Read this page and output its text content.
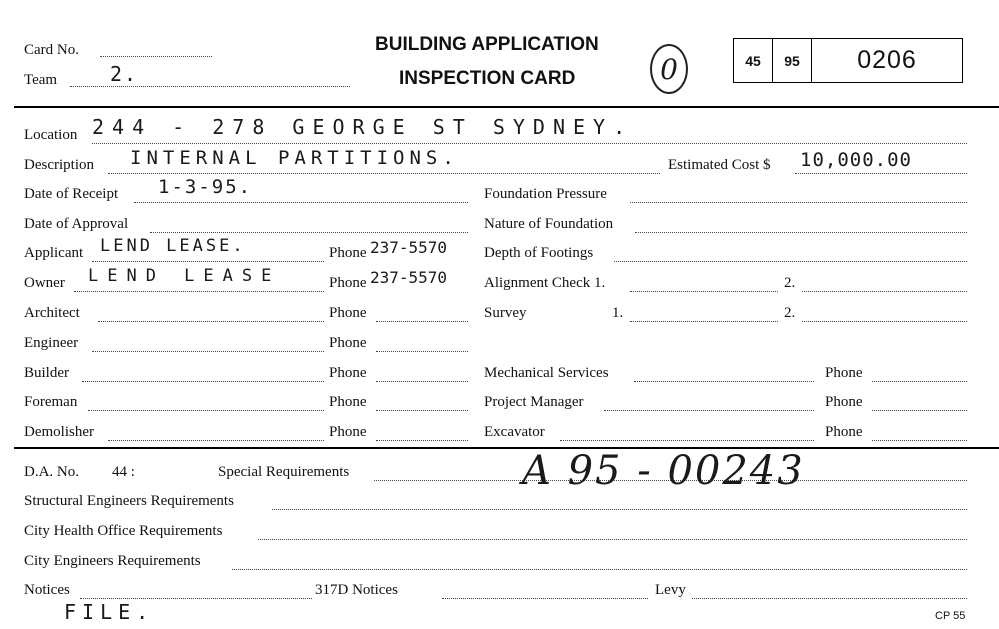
Card No.
Team	2.
BUILDING APPLICATION
INSPECTION CARD	0	45	95	0206
Location 244 - 278 GEORGE ST SYDNEY.
Description INTERNAL PARTITIONS.	Estimated Cost $ 10,000.00
Date of Receipt 1-3-95.	Foundation Pressure
Date of Approval	Nature of Foundation
Applicant LEND LEASE.	Phone 237-5570 Depth of Footings
Owner LEND LEASE	Phone 237-5570 Alignment Check 1.	2.
Architect	Phone	Survey	1.	2.
Engineer	Phone
Builder	Phone	Mechanical Services	Phone
Foreman	Phone	Project Manager	Phone
Demolisher	Phone	Excavator	Phone
D.A. No. 44 :	Special Requirements	A 95 - 00243
Structural Engineers Requirements
City Health Office Requirements
City Engineers Requirements
Notices	317D Notices	Levy
FILE.	CP 55
